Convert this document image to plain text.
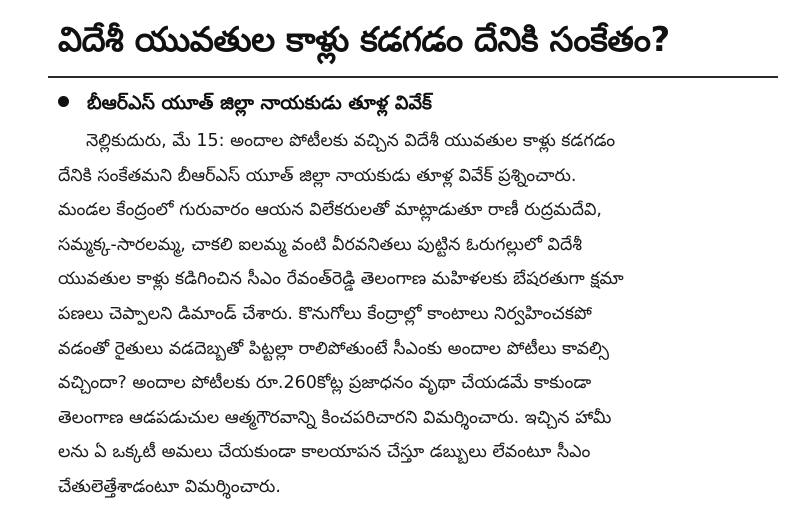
విదేశీ యువతుల కాళ్లు కడగడం దేనికి సంకేతం?
బీఆర్ఎస్ యూత్ జిల్లా నాయకుడు తూళ్ల వివేక్
నెల్లికుదురు, మే 15: అందాల పోటీలకు వచ్చిన విదేశీ యువతుల కాళ్లు కడగడం
దేనికి సంకేతమని బీఆర్ఎస్ యూత్ జిల్లా నాయకుడు తూళ్ల వివేక్ ప్రశ్నించారు.
మండల కేంద్రంలో గురువారం ఆయన విలేకరులతో మాట్లాడుతూ రాణీ రుద్రమదేవి,
సమ్మక్క-సారలమ్మ, చాకలి ఐలమ్మ వంటి వీరవనితలు పుట్టిన ఓరుగల్లులో విదేశీ
యువతుల కాళ్లు కడిగించిన సీఎం రేవంత్‌రెడ్డి తెలంగాణ మహిళలకు బేషరతుగా క్షమా
పణలు చెప్పాలని డిమాండ్ చేశారు. కొనుగోలు కేంద్రాల్లో కాంటాలు నిర్వహించకపో
వడంతో రైతులు వడదెబ్బతో పిట్టల్లా రాలిపోతుంటే సీఎంకు అందాల పోటీలు కావల్సి
వచ్చిందా? అందాల పోటీలకు రూ.260కోట్ల ప్రజాధనం వృథా చేయడమే కాకుండా
తెలంగాణ ఆడపడుచుల ఆత్మగౌరవాన్ని కించపరిచారని విమర్శించారు. ఇచ్చిన హామీ
లను ఏ ఒక్కటీ అమలు చేయకుండా కాలయాపన చేస్తూ డబ్బులు లేవంటూ సీఎం
చేతులెత్తేశాడంటూ విమర్శించారు.
